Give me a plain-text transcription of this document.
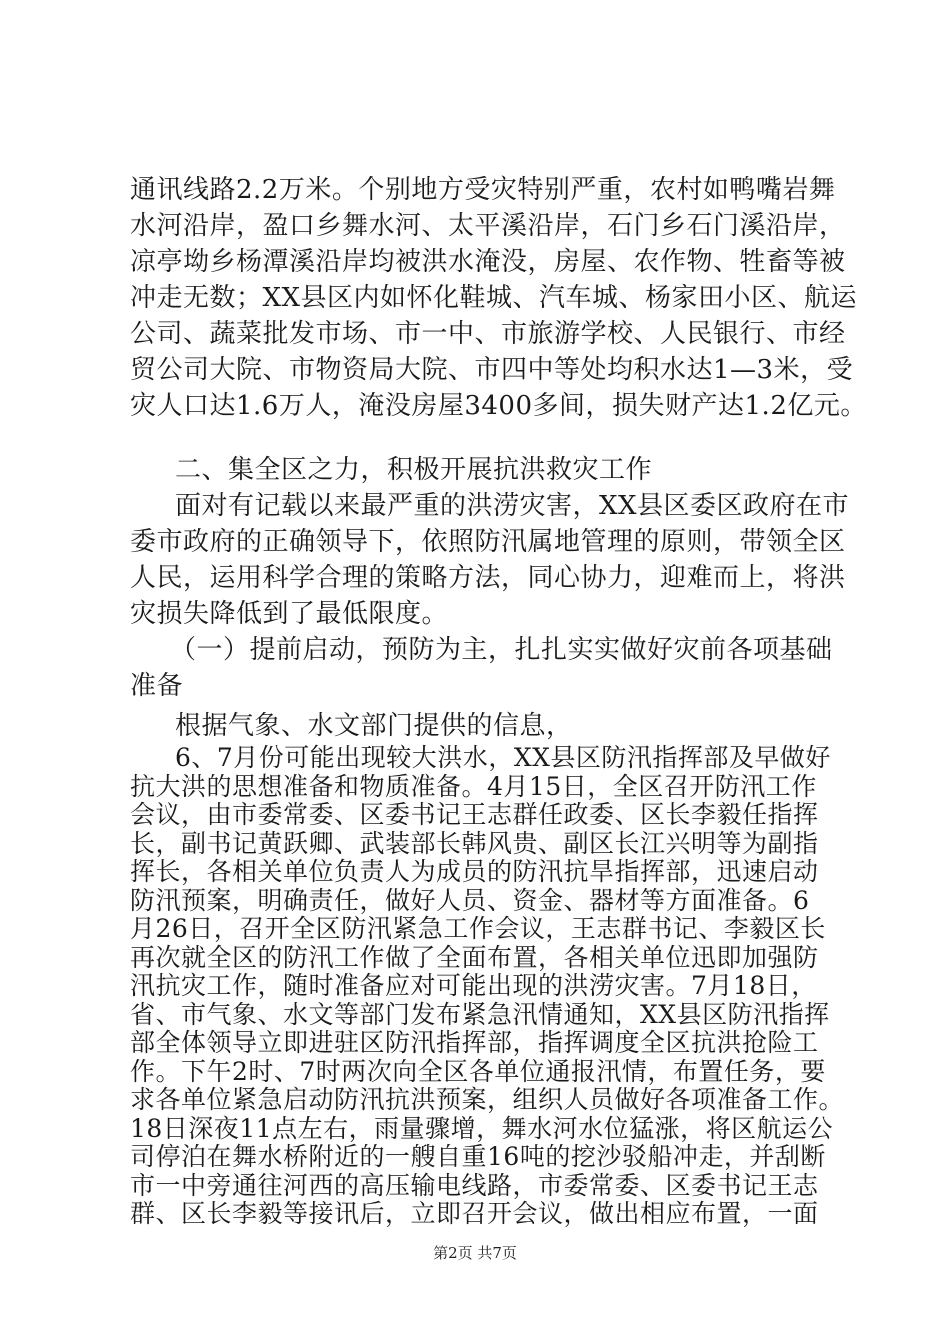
通讯线路2.2万米。个别地方受灾特别严重，农村如鸭嘴岩舞
水河沿岸，盈口乡舞水河、太平溪沿岸，石门乡石门溪沿岸，
凉亭坳乡杨潭溪沿岸均被洪水淹没，房屋、农作物、牲畜等被
冲走无数；XX县区内如怀化鞋城、汽车城、杨家田小区、航运
公司、蔬菜批发市场、市一中、市旅游学校、人民银行、市经
贸公司大院、市物资局大院、市四中等处均积水达1—3米，受
灾人口达1.6万人，淹没房屋3400多间，损失财产达1.2亿元。
二、集全区之力，积极开展抗洪救灾工作
面对有记载以来最严重的洪涝灾害，XX县区委区政府在市
委市政府的正确领导下，依照防汛属地管理的原则，带领全区
人民，运用科学合理的策略方法，同心协力，迎难而上，将洪
灾损失降低到了最低限度。
（一）提前启动，预防为主，扎扎实实做好灾前各项基础
准备
根据气象、水文部门提供的信息，
6、7月份可能出现较大洪水，XX县区防汛指挥部及早做好
抗大洪的思想准备和物质准备。4月15日，全区召开防汛工作
会议，由市委常委、区委书记王志群任政委、区长李毅任指挥
长，副书记黄跃卿、武装部长韩风贵、副区长江兴明等为副指
挥长，各相关单位负责人为成员的防汛抗旱指挥部，迅速启动
防汛预案，明确责任，做好人员、资金、器材等方面准备。6
月26日，召开全区防汛紧急工作会议，王志群书记、李毅区长
再次就全区的防汛工作做了全面布置，各相关单位迅即加强防
汛抗灾工作，随时准备应对可能出现的洪涝灾害。7月18日，
省、市气象、水文等部门发布紧急汛情通知，XX县区防汛指挥
部全体领导立即进驻区防汛指挥部，指挥调度全区抗洪抢险工
作。下午2时、7时两次向全区各单位通报汛情，布置任务，要
求各单位紧急启动防汛抗洪预案，组织人员做好各项准备工作。
18日深夜11点左右，雨量骤增，舞水河水位猛涨，将区航运公
第2页 共7页
司停泊在舞水桥附近的一艘自重16吨的挖沙驳船冲走，并刮断
市一中旁通往河西的高压输电线路，市委常委、区委书记王志
群、区长李毅等接讯后，立即召开会议，做出相应布置，一面
